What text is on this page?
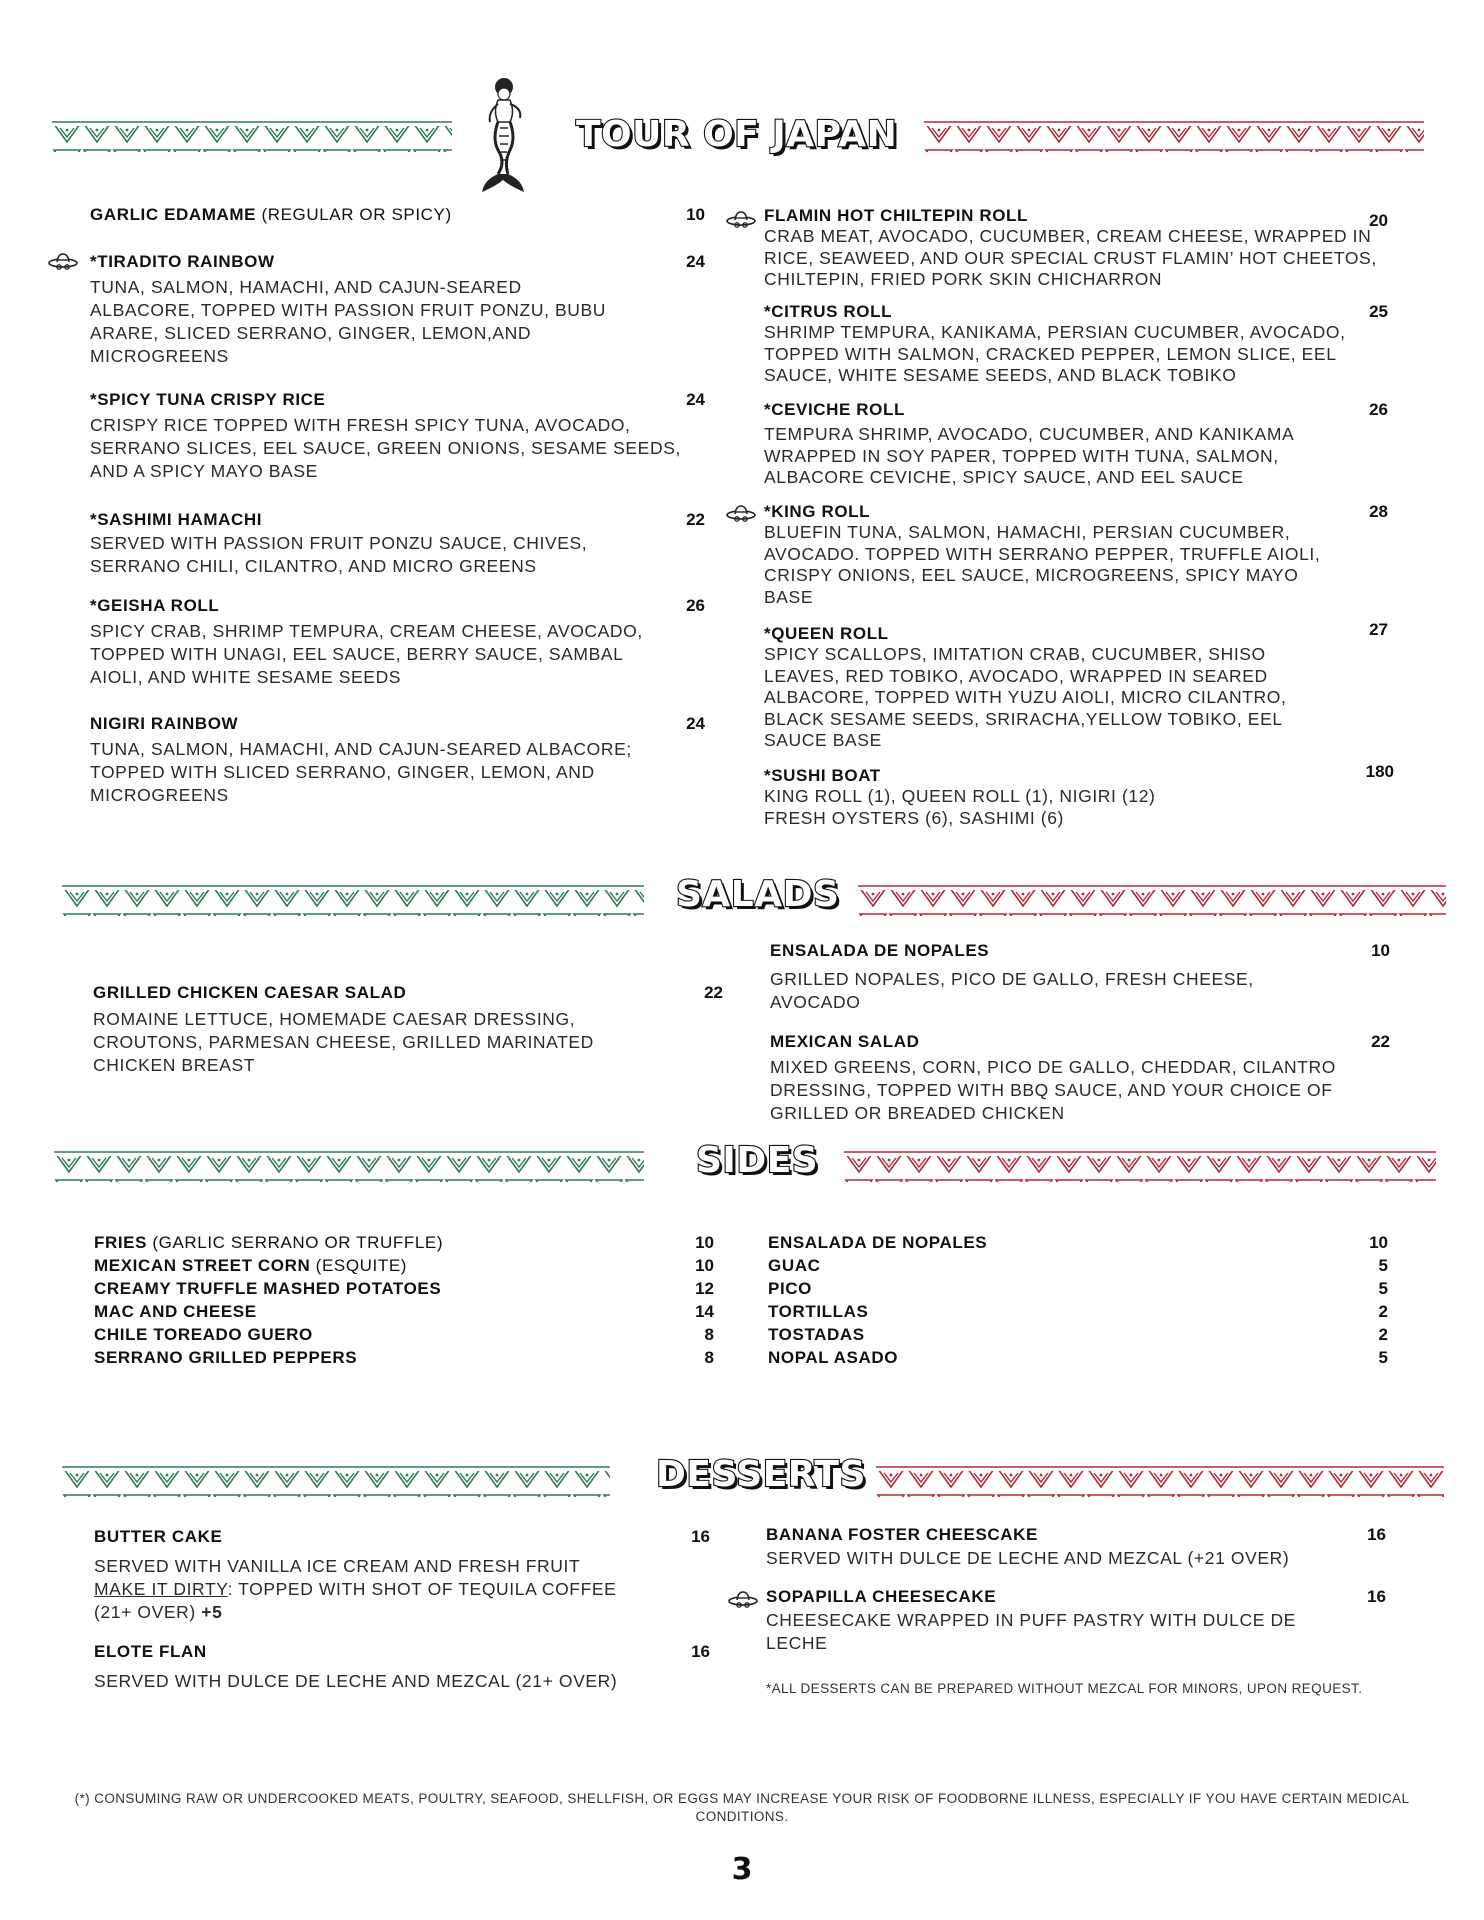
TOUR OF JAPAN
GARLIC EDAMAME (REGULAR OR SPICY)	10
*TIRADITO RAINBOW	24
TUNA, SALMON, HAMACHI, AND CAJUN-SEARED ALBACORE, TOPPED WITH PASSION FRUIT PONZU, BUBU ARARE, SLICED SERRANO, GINGER, LEMON,AND MICROGREENS
*SPICY TUNA CRISPY RICE	24
CRISPY RICE TOPPED WITH FRESH SPICY TUNA, AVOCADO, SERRANO SLICES, EEL SAUCE, GREEN ONIONS, SESAME SEEDS, AND A SPICY MAYO BASE
*SASHIMI HAMACHI	22
SERVED WITH PASSION FRUIT PONZU SAUCE, CHIVES, SERRANO CHILI, CILANTRO, AND MICRO GREENS
*GEISHA ROLL	26
SPICY CRAB, SHRIMP TEMPURA, CREAM CHEESE, AVOCADO, TOPPED WITH UNAGI, EEL SAUCE, BERRY SAUCE, SAMBAL AIOLI, AND WHITE SESAME SEEDS
NIGIRI RAINBOW	24
TUNA, SALMON, HAMACHI, AND CAJUN-SEARED ALBACORE; TOPPED WITH SLICED SERRANO, GINGER, LEMON, AND MICROGREENS
FLAMIN HOT CHILTEPIN ROLL	20
CRAB MEAT, AVOCADO, CUCUMBER, CREAM CHEESE, WRAPPED IN RICE, SEAWEED, AND OUR SPECIAL CRUST FLAMIN’ HOT CHEETOS, CHILTEPIN, FRIED PORK SKIN CHICHARRON
*CITRUS ROLL	25
SHRIMP TEMPURA, KANIKAMA, PERSIAN CUCUMBER, AVOCADO, TOPPED WITH SALMON, CRACKED PEPPER, LEMON SLICE, EEL SAUCE, WHITE SESAME SEEDS, AND BLACK TOBIKO
*CEVICHE ROLL	26
TEMPURA SHRIMP, AVOCADO, CUCUMBER, AND KANIKAMA WRAPPED IN SOY PAPER, TOPPED WITH TUNA, SALMON, ALBACORE CEVICHE, SPICY SAUCE, AND EEL SAUCE
*KING ROLL	28
BLUEFIN TUNA, SALMON, HAMACHI, PERSIAN CUCUMBER, AVOCADO. TOPPED WITH SERRANO PEPPER, TRUFFLE AIOLI, CRISPY ONIONS, EEL SAUCE, MICROGREENS, SPICY MAYO BASE
*QUEEN ROLL	27
SPICY SCALLOPS, IMITATION CRAB, CUCUMBER, SHISO LEAVES, RED TOBIKO, AVOCADO, WRAPPED IN SEARED ALBACORE, TOPPED WITH YUZU AIOLI, MICRO CILANTRO, BLACK SESAME SEEDS, SRIRACHA,YELLOW TOBIKO, EEL SAUCE BASE
*SUSHI BOAT	180
KING ROLL (1), QUEEN ROLL (1), NIGIRI (12) FRESH OYSTERS (6), SASHIMI (6)
SALADS
GRILLED CHICKEN CAESAR SALAD	22
ROMAINE LETTUCE, HOMEMADE CAESAR DRESSING, CROUTONS, PARMESAN CHEESE, GRILLED MARINATED CHICKEN BREAST
ENSALADA DE NOPALES	10
GRILLED NOPALES, PICO DE GALLO, FRESH CHEESE, AVOCADO
MEXICAN SALAD	22
MIXED GREENS, CORN, PICO DE GALLO, CHEDDAR, CILANTRO DRESSING, TOPPED WITH BBQ SAUCE, AND YOUR CHOICE OF GRILLED OR BREADED CHICKEN
SIDES
FRIES (GARLIC SERRANO OR TRUFFLE)	10
MEXICAN STREET CORN (ESQUITE)	10
CREAMY TRUFFLE MASHED POTATOES	12
MAC AND CHEESE	14
CHILE TOREADO GUERO	8
SERRANO GRILLED PEPPERS	8
ENSALADA DE NOPALES	10
GUAC	5
PICO	5
TORTILLAS	2
TOSTADAS	2
NOPAL ASADO	5
DESSERTS
BUTTER CAKE	16
SERVED WITH VANILLA ICE CREAM AND FRESH FRUIT
MAKE IT DIRTY: TOPPED WITH SHOT OF TEQUILA COFFEE (21+ OVER) +5
ELOTE FLAN	16
SERVED WITH DULCE DE LECHE AND MEZCAL (21+ OVER)
BANANA FOSTER CHEESCAKE	16
SERVED WITH DULCE DE LECHE AND MEZCAL (+21 OVER)
SOPAPILLA CHEESECAKE	16
CHEESECAKE WRAPPED IN PUFF PASTRY WITH DULCE DE LECHE
*ALL DESSERTS CAN BE PREPARED WITHOUT MEZCAL FOR MINORS, UPON REQUEST.
(*) CONSUMING RAW OR UNDERCOOKED MEATS, POULTRY, SEAFOOD, SHELLFISH, OR EGGS MAY INCREASE YOUR RISK OF FOODBORNE ILLNESS, ESPECIALLY IF YOU HAVE CERTAIN MEDICAL CONDITIONS.
3
